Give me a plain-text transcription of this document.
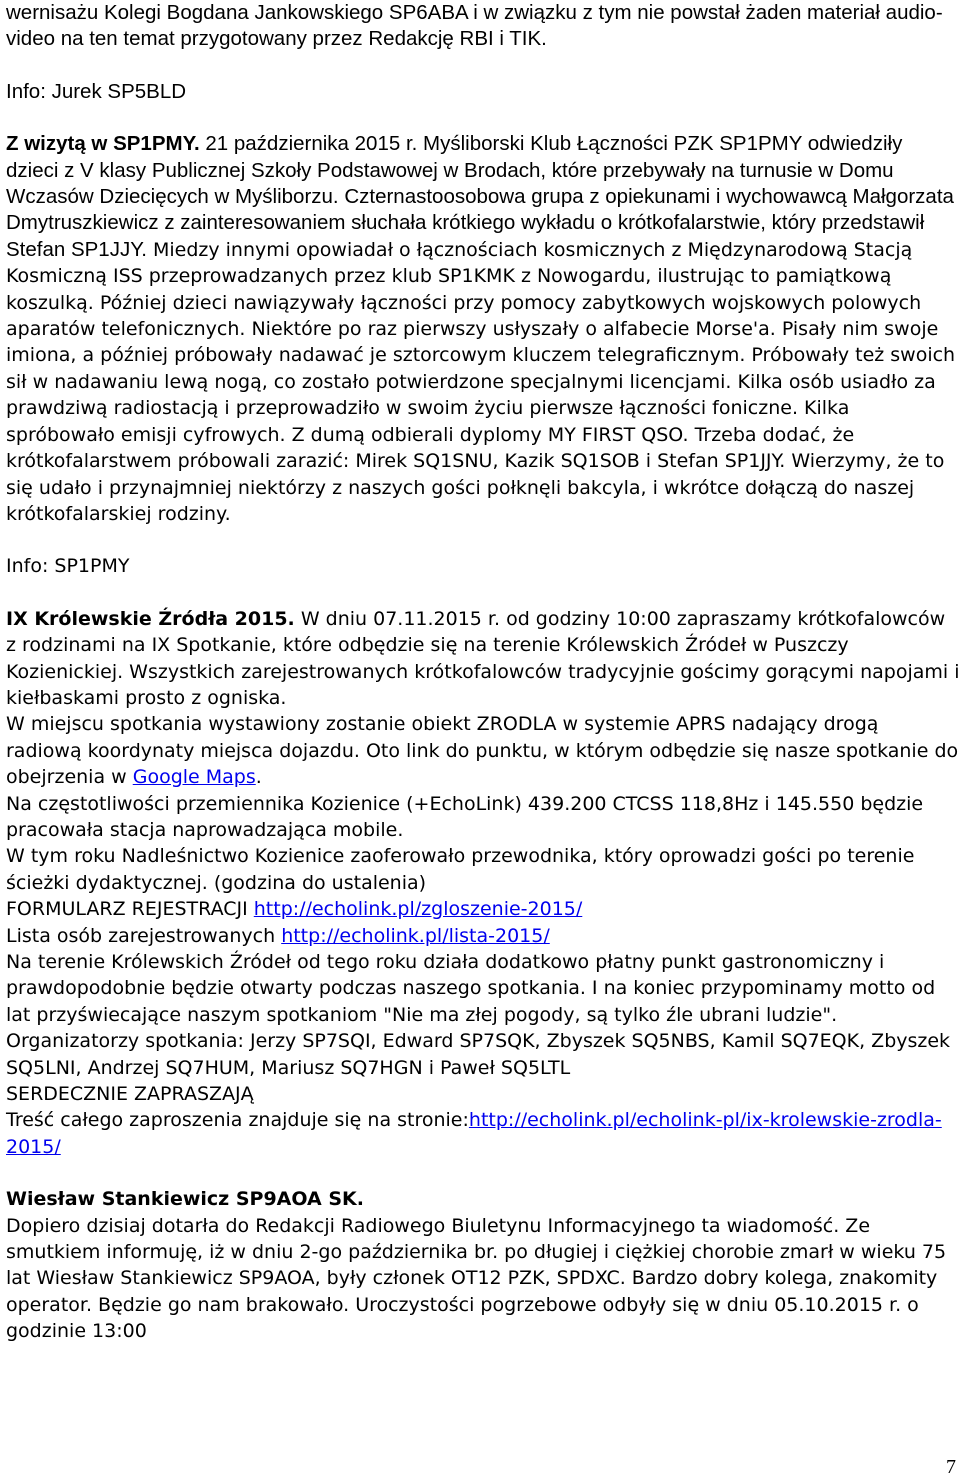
wernisażu Kolegi Bogdana Jankowskiego SP6ABA i w związku z tym nie powstał żaden materiał audio-video na ten temat przygotowany przez Redakcję RBI i TIK.

Info: Jurek SP5BLD

Z wizytą w SP1PMY. 21 października 2015 r. Myśliborski Klub Łączności PZK SP1PMY odwiedziły dzieci z V klasy Publicznej Szkoły Podstawowej w Brodach, które przebywały na turnusie w Domu Wczasów Dziecięcych w Myśliborzu. Czternastoosobowa grupa z opiekunami i wychowawcą Małgorzata Dmytruszkiewicz z zainteresowaniem słuchała krótkiego wykładu o krótkofalarstwie, który przedstawił Stefan SP1JJY. Miedzy innymi opowiadał o łącznościach kosmicznych z Międzynarodową Stacją Kosmiczną ISS przeprowadzanych przez klub SP1KMK z Nowogardu, ilustrując to pamiątkową koszulką. Później dzieci nawiązywały łączności przy pomocy zabytkowych wojskowych polowych aparatów telefonicznych. Niektóre po raz pierwszy usłyszały o alfabecie Morse'a. Pisały nim swoje imiona, a później próbowały nadawać je sztorcowym kluczem telegraficznym. Próbowały też swoich sił w nadawaniu lewą nogą, co zostało potwierdzone specjalnymi licencjami. Kilka osób usiadło za prawdziwą radiostacją i przeprowadziło w swoim życiu pierwsze łączności foniczne. Kilka spróbowało emisji cyfrowych. Z dumą odbierali dyplomy MY FIRST QSO. Trzeba dodać, że krótkofalarstwem próbowali zarazić: Mirek SQ1SNU, Kazik SQ1SOB i Stefan SP1JJY. Wierzymy, że to się udało i przynajmniej niektórzy z naszych gości połknęli bakcyla, i wkrótce dołączą do naszej krótkofalarskiej rodziny.

Info: SP1PMY

IX Królewskie Źródła 2015. W dniu 07.11.2015 r. od godziny 10:00 zapraszamy krótkofalowców z rodzinami na IX Spotkanie, które odbędzie się na terenie Królewskich Źródeł w Puszczy Kozienickiej. Wszystkich zarejestrowanych krótkofalowców tradycyjnie gościmy gorącymi napojami i kiełbaskami prosto z ogniska.

W miejscu spotkania wystawiony zostanie obiekt ZRODLA w systemie APRS nadający drogą radiową koordynaty miejsca dojazdu. Oto link do punktu, w którym odbędzie się nasze spotkanie do obejrzenia w Google Maps.

Na częstotliwości przemiennika Kozienice (+EchoLink) 439.200 CTCSS 118,8Hz i 145.550 będzie pracowała stacja naprowadzająca mobile.

W tym roku Nadleśnictwo Kozienice zaoferowało przewodnika, który oprowadzi gości po terenie ścieżki dydaktycznej. (godzina do ustalenia)

FORMULARZ REJESTRACJI http://echolink.pl/zgloszenie-2015/

Lista osób zarejestrowanych http://echolink.pl/lista-2015/

Na terenie Królewskich Źródeł od tego roku działa dodatkowo płatny punkt gastronomiczny i prawdopodobnie będzie otwarty podczas naszego spotkania. I na koniec przypominamy motto od lat przyświecające naszym spotkaniom "Nie ma złej pogody, są tylko źle ubrani ludzie".

Organizatorzy spotkania: Jerzy SP7SQI, Edward SP7SQK, Zbyszek SQ5NBS, Kamil SQ7EQK, Zbyszek SQ5LNI, Andrzej SQ7HUM, Mariusz SQ7HGN i Paweł SQ5LTL

SERDECZNIE ZAPRASZAJĄ

Treść całego zaproszenia znajduje się na stronie:http://echolink.pl/echolink-pl/ix-krolewskie-zrodla-2015/

Wiesław Stankiewicz SP9AOA SK.

Dopiero dzisiaj dotarła do Redakcji Radiowego Biuletynu Informacyjnego ta wiadomość. Ze smutkiem informuję, iż w dniu 2-go października br. po długiej i ciężkiej chorobie zmarł w wieku 75 lat Wiesław Stankiewicz SP9AOA, były członek OT12 PZK, SPDXC. Bardzo dobry kolega, znakomity operator. Będzie go nam brakowało. Uroczystości pogrzebowe odbyły się w dniu 05.10.2015 r. o godzinie 13:00

7
